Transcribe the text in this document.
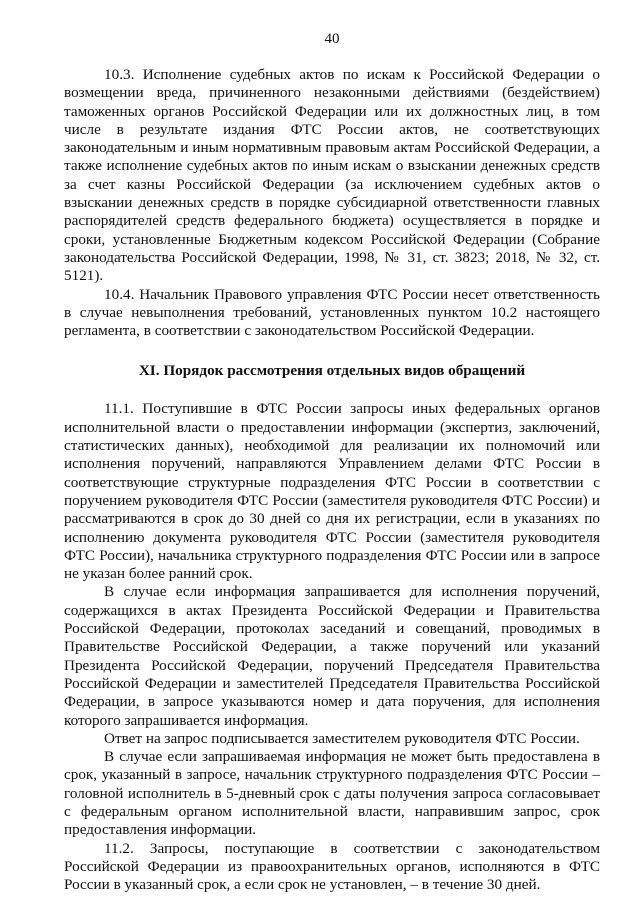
40

10.3. Исполнение судебных актов по искам к Российской Федерации о возмещении вреда, причиненного незаконными действиями (бездействием) таможенных органов Российской Федерации или их должностных лиц, в том числе в результате издания ФТС России актов, не соответствующих законодательным и иным нормативным правовым актам Российской Федерации, а также исполнение судебных актов по иным искам о взыскании денежных средств за счет казны Российской Федерации (за исключением судебных актов о взыскании денежных средств в порядке субсидиарной ответственности главных распорядителей средств федерального бюджета) осуществляется в порядке и сроки, установленные Бюджетным кодексом Российской Федерации (Собрание законодательства Российской Федерации, 1998, № 31, ст. 3823; 2018, № 32, ст. 5121).

10.4. Начальник Правового управления ФТС России несет ответственность в случае невыполнения требований, установленных пунктом 10.2 настоящего регламента, в соответствии с законодательством Российской Федерации.

XI. Порядок рассмотрения отдельных видов обращений

11.1. Поступившие в ФТС России запросы иных федеральных органов исполнительной власти о предоставлении информации (экспертиз, заключений, статистических данных), необходимой для реализации их полномочий или исполнения поручений, направляются Управлением делами ФТС России в соответствующие структурные подразделения ФТС России в соответствии с поручением руководителя ФТС России (заместителя руководителя ФТС России) и рассматриваются в срок до 30 дней со дня их регистрации, если в указаниях по исполнению документа руководителя ФТС России (заместителя руководителя ФТС России), начальника структурного подразделения ФТС России или в запросе не указан более ранний срок.

В случае если информация запрашивается для исполнения поручений, содержащихся в актах Президента Российской Федерации и Правительства Российской Федерации, протоколах заседаний и совещаний, проводимых в Правительстве Российской Федерации, а также поручений или указаний Президента Российской Федерации, поручений Председателя Правительства Российской Федерации и заместителей Председателя Правительства Российской Федерации, в запросе указываются номер и дата поручения, для исполнения которого запрашивается информация.

Ответ на запрос подписывается заместителем руководителя ФТС России.

В случае если запрашиваемая информация не может быть предоставлена в срок, указанный в запросе, начальник структурного подразделения ФТС России – головной исполнитель в 5-дневный срок с даты получения запроса согласовывает с федеральным органом исполнительной власти, направившим запрос, срок предоставления информации.

11.2. Запросы, поступающие в соответствии с законодательством Российской Федерации из правоохранительных органов, исполняются в ФТС России в указанный срок, а если срок не установлен, – в течение 30 дней.
